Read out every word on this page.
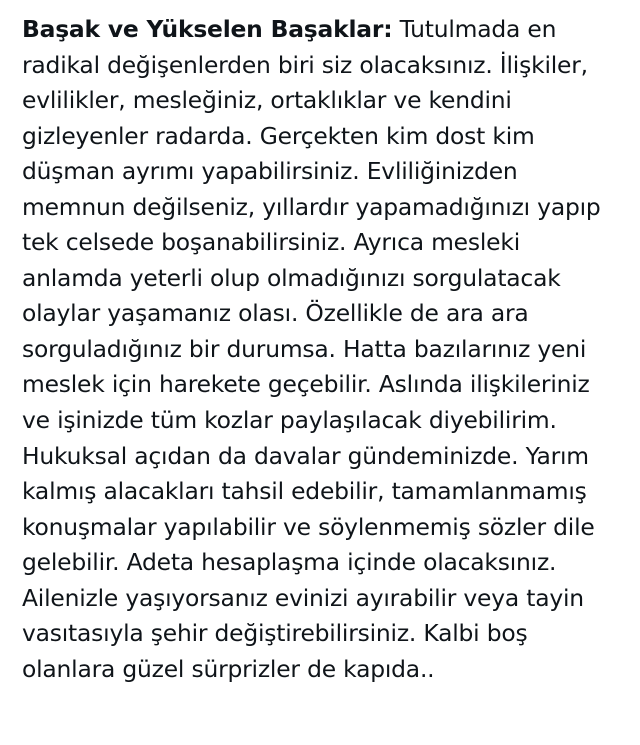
Başak ve Yükselen Başaklar: Tutulmada en
radikal değişenlerden biri siz olacaksınız. İlişkiler,
evlilikler, mesleğiniz, ortaklıklar ve kendini
gizleyenler radarda. Gerçekten kim dost kim
düşman ayrımı yapabilirsiniz. Evliliğinizden
memnun değilseniz, yıllardır yapamadığınızı yapıp
tek celsede boşanabilirsiniz. Ayrıca mesleki
anlamda yeterli olup olmadığınızı sorgulatacak
olaylar yaşamanız olası. Özellikle de ara ara
sorguladığınız bir durumsa. Hatta bazılarınız yeni
meslek için harekete geçebilir. Aslında ilişkileriniz
ve işinizde tüm kozlar paylaşılacak diyebilirim.
Hukuksal açıdan da davalar gündeminizde. Yarım
kalmış alacakları tahsil edebilir, tamamlanmamış
konuşmalar yapılabilir ve söylenmemiş sözler dile
gelebilir. Adeta hesaplaşma içinde olacaksınız.
Ailenizle yaşıyorsanız evinizi ayırabilir veya tayin
vasıtasıyla şehir değiştirebilirsiniz. Kalbi boş
olanlara güzel sürprizler de kapıda..
